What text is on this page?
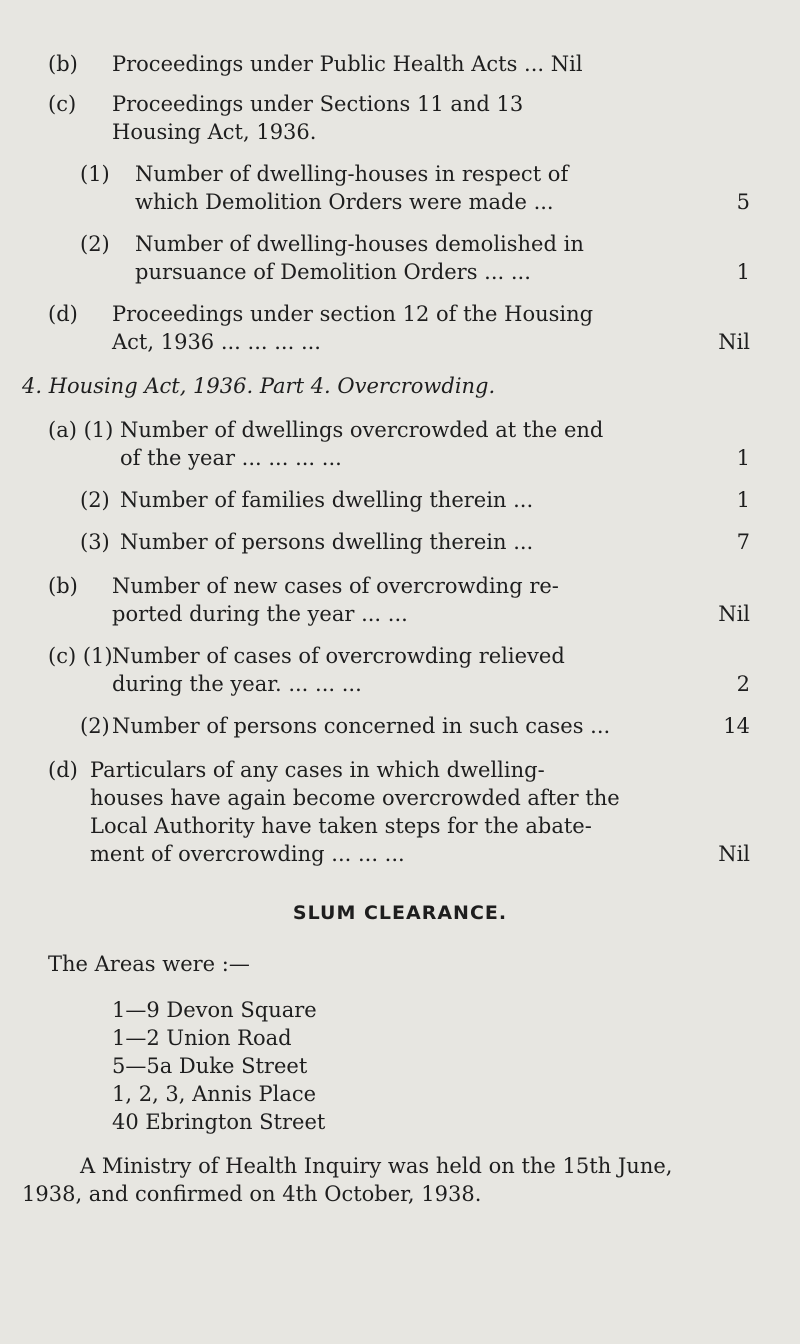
(b) Proceedings under Public Health Acts ... Nil
(c) Proceedings under Sections 11 and 13
Housing Act, 1936.
(1) Number of dwelling-houses in respect of
which Demolition Orders were made ...	5
(2) Number of dwelling-houses demolished in
pursuance of Demolition Orders ... ...	1
(d) Proceedings under section 12 of the Housing
Act, 1936 ... ... ... ...	Nil
4. Housing Act, 1936. Part 4. Overcrowding.
(a) (1) Number of dwellings overcrowded at the end
of the year ... ... ... ...	1
(2) Number of families dwelling therein ...	1
(3) Number of persons dwelling therein ...	7
(b) Number of new cases of overcrowding re-
ported during the year ... ...	Nil
(c) (1) Number of cases of overcrowding relieved
during the year. ... ... ...	2
(2) Number of persons concerned in such cases ...	14
(d) Particulars of any cases in which dwelling-
houses have again become overcrowded after the
Local Authority have taken steps for the abate-
ment of overcrowding ... ... ...	Nil
SLUM CLEARANCE.
The Areas were :—
1—9 Devon Square
1—2 Union Road
5—5a Duke Street
1, 2, 3, Annis Place
40 Ebrington Street
A Ministry of Health Inquiry was held on the 15th June,
1938, and confirmed on 4th October, 1938.
